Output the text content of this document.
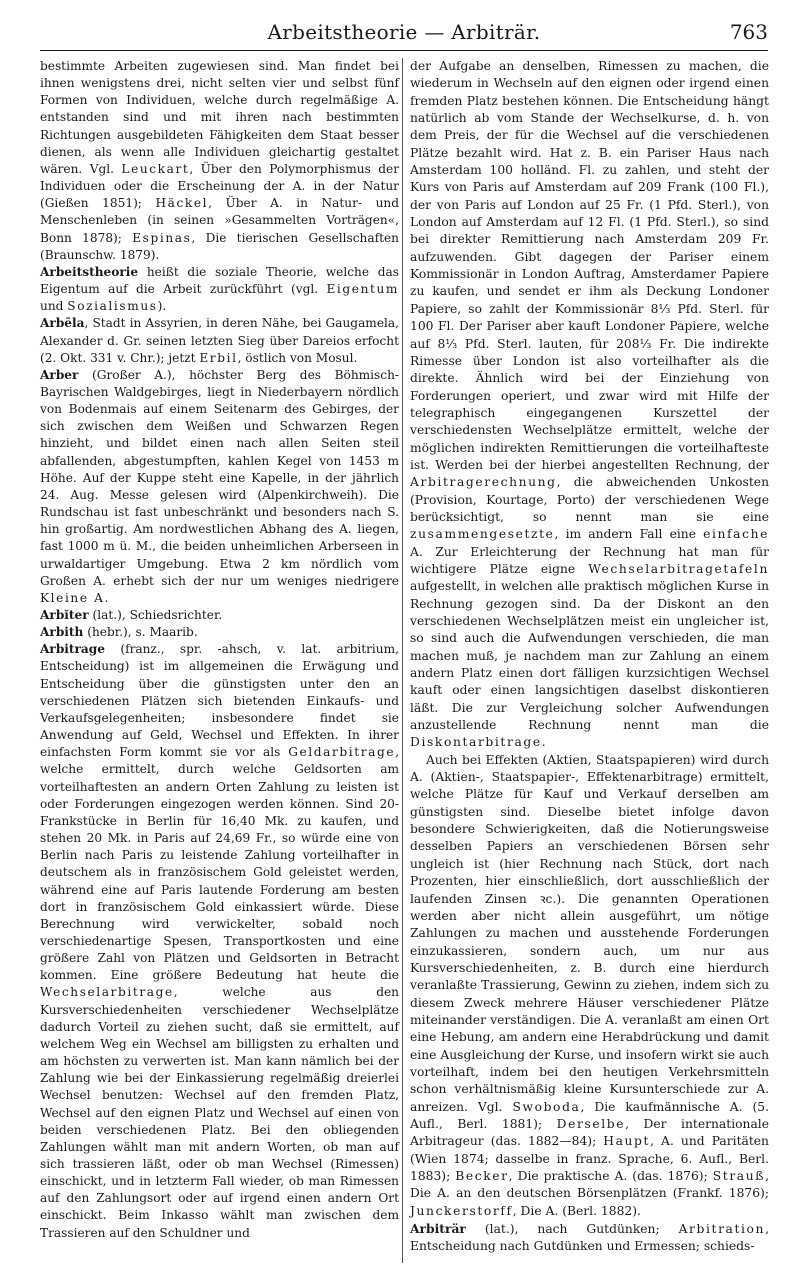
Arbeitstheorie — Arbiträr.	763

bestimmte Arbeiten zugewiesen sind. Man findet bei ihnen wenigstens drei, nicht selten vier und selbst fünf Formen von Individuen, welche durch regelmäßige A. entstanden sind und mit ihren nach bestimmten Richtungen ausgebildeten Fähigkeiten dem Staat besser dienen, als wenn alle Individuen gleichartig gestaltet wären. Vgl. Leuckart, Über den Polymorphismus der Individuen oder die Erscheinung der A. in der Natur (Gießen 1851); Häckel, Über A. in Natur- und Menschenleben (in seinen »Gesammelten Vorträgen«, Bonn 1878); Espinas, Die tierischen Gesellschaften (Braunschw. 1879).

Arbeitstheorie heißt die soziale Theorie, welche das Eigentum auf die Arbeit zurückführt (vgl. Eigentum und Sozialismus).

Arbēla, Stadt in Assyrien, in deren Nähe, bei Gaugamela, Alexander d. Gr. seinen letzten Sieg über Dareios erfocht (2. Okt. 331 v. Chr.); jetzt Erbil, östlich von Mosul.

Arber (Großer A.), höchster Berg des Böhmisch-Bayrischen Waldgebirges, liegt in Niederbayern nördlich von Bodenmais auf einem Seitenarm des Gebirges, der sich zwischen dem Weißen und Schwarzen Regen hinzieht, und bildet einen nach allen Seiten steil abfallenden, abgestumpften, kahlen Kegel von 1453 m Höhe. Auf der Kuppe steht eine Kapelle, in der jährlich 24. Aug. Messe gelesen wird (Alpenkirchweih). Die Rundschau ist fast unbeschränkt und besonders nach S. hin großartig. Am nordwestlichen Abhang des A. liegen, fast 1000 m ü. M., die beiden unheimlichen Arberseen in urwaldartiger Umgebung. Etwa 2 km nördlich vom Großen A. erhebt sich der nur um weniges niedrigere Kleine A.

Arbĭter (lat.), Schiedsrichter.

Arbith (hebr.), s. Maarib.

Arbitrage (franz., spr. -ahsch, v. lat. arbitrium, Entscheidung) ist im allgemeinen die Erwägung und Entscheidung über die günstigsten unter den an verschiedenen Plätzen sich bietenden Einkaufs- und Verkaufsgelegenheiten; insbesondere findet sie Anwendung auf Geld, Wechsel und Effekten. In ihrer einfachsten Form kommt sie vor als Geldarbitrage, welche ermittelt, durch welche Geldsorten am vorteilhaftesten an andern Orten Zahlung zu leisten ist oder Forderungen eingezogen werden können. Sind 20-Frankstücke in Berlin für 16,40 Mk. zu kaufen, und stehen 20 Mk. in Paris auf 24,69 Fr., so würde eine von Berlin nach Paris zu leistende Zahlung vorteilhafter in deutschem als in französischem Gold geleistet werden, während eine auf Paris lautende Forderung am besten dort in französischem Gold einkassiert würde. Diese Berechnung wird verwickelter, sobald noch verschiedenartige Spesen, Transportkosten und eine größere Zahl von Plätzen und Geldsorten in Betracht kommen. Eine größere Bedeutung hat heute die Wechselarbitrage, welche aus den Kursverschiedenheiten verschiedener Wechselplätze dadurch Vorteil zu ziehen sucht, daß sie ermittelt, auf welchem Weg ein Wechsel am billigsten zu erhalten und am höchsten zu verwerten ist. Man kann nämlich bei der Zahlung wie bei der Einkassierung regelmäßig dreierlei Wechsel benutzen: Wechsel auf den fremden Platz, Wechsel auf den eignen Platz und Wechsel auf einen von beiden verschiedenen Platz. Bei den obliegenden Zahlungen wählt man mit andern Worten, ob man auf sich trassieren läßt, oder ob man Wechsel (Rimessen) einschickt, und in letzterm Fall wieder, ob man Rimessen auf den Zahlungsort oder auf irgend einen andern Ort einschickt. Beim Inkasso wählt man zwischen dem Trassieren auf den Schuldner und

der Aufgabe an denselben, Rimessen zu machen, die wiederum in Wechseln auf den eignen oder irgend einen fremden Platz bestehen können. Die Entscheidung hängt natürlich ab vom Stande der Wechselkurse, d. h. von dem Preis, der für die Wechsel auf die verschiedenen Plätze bezahlt wird. Hat z. B. ein Pariser Haus nach Amsterdam 100 holländ. Fl. zu zahlen, und steht der Kurs von Paris auf Amsterdam auf 209 Frank (100 Fl.), der von Paris auf London auf 25 Fr. (1 Pfd. Sterl.), von London auf Amsterdam auf 12 Fl. (1 Pfd. Sterl.), so sind bei direkter Remittierung nach Amsterdam 209 Fr. aufzuwenden. Gibt dagegen der Pariser einem Kommissionär in London Auftrag, Amsterdamer Papiere zu kaufen, und sendet er ihm als Deckung Londoner Papiere, so zahlt der Kommissionär 8⅓ Pfd. Sterl. für 100 Fl. Der Pariser aber kauft Londoner Papiere, welche auf 8⅓ Pfd. Sterl. lauten, für 208⅓ Fr. Die indirekte Rimesse über London ist also vorteilhafter als die direkte. Ähnlich wird bei der Einziehung von Forderungen operiert, und zwar wird mit Hilfe der telegraphisch eingegangenen Kurszettel der verschiedensten Wechselplätze ermittelt, welche der möglichen indirekten Remittierungen die vorteilhafteste ist. Werden bei der hierbei angestellten Rechnung, der Arbitragerechnung, die abweichenden Unkosten (Provision, Kourtage, Porto) der verschiedenen Wege berücksichtigt, so nennt man sie eine zusammengesetzte, im andern Fall eine einfache A. Zur Erleichterung der Rechnung hat man für wichtigere Plätze eigne Wechselarbitragetafeln aufgestellt, in welchen alle praktisch möglichen Kurse in Rechnung gezogen sind. Da der Diskont an den verschiedenen Wechselplätzen meist ein ungleicher ist, so sind auch die Aufwendungen verschieden, die man machen muß, je nachdem man zur Zahlung an einem andern Platz einen dort fälligen kurzsichtigen Wechsel kauft oder einen langsichtigen daselbst diskontieren läßt. Die zur Vergleichung solcher Aufwendungen anzustellende Rechnung nennt man die Diskontarbitrage.

Auch bei Effekten (Aktien, Staatspapieren) wird durch A. (Aktien-, Staatspapier-, Effektenarbitrage) ermittelt, welche Plätze für Kauf und Verkauf derselben am günstigsten sind. Dieselbe bietet infolge davon besondere Schwierigkeiten, daß die Notierungsweise desselben Papiers an verschiedenen Börsen sehr ungleich ist (hier Rechnung nach Stück, dort nach Prozenten, hier einschließlich, dort ausschließlich der laufenden Zinsen ꝛc.). Die genannten Operationen werden aber nicht allein ausgeführt, um nötige Zahlungen zu machen und ausstehende Forderungen einzukassieren, sondern auch, um nur aus Kursverschiedenheiten, z. B. durch eine hierdurch veranlaßte Trassierung, Gewinn zu ziehen, indem sich zu diesem Zweck mehrere Häuser verschiedener Plätze miteinander verständigen. Die A. veranlaßt am einen Ort eine Hebung, am andern eine Herabdrückung und damit eine Ausgleichung der Kurse, und insofern wirkt sie auch vorteilhaft, indem bei den heutigen Verkehrsmitteln schon verhältnismäßig kleine Kursunterschiede zur A. anreizen. Vgl. Swoboda, Die kaufmännische A. (5. Aufl., Berl. 1881); Derselbe, Der internationale Arbitrageur (das. 1882—84); Haupt, A. und Paritäten (Wien 1874; dasselbe in franz. Sprache, 6. Aufl., Berl. 1883); Becker, Die praktische A. (das. 1876); Strauß, Die A. an den deutschen Börsenplätzen (Frankf. 1876); Junckerstorff, Die A. (Berl. 1882).

Arbiträr (lat.), nach Gutdünken; Arbitration, Entscheidung nach Gutdünken und Ermessen; schieds-
